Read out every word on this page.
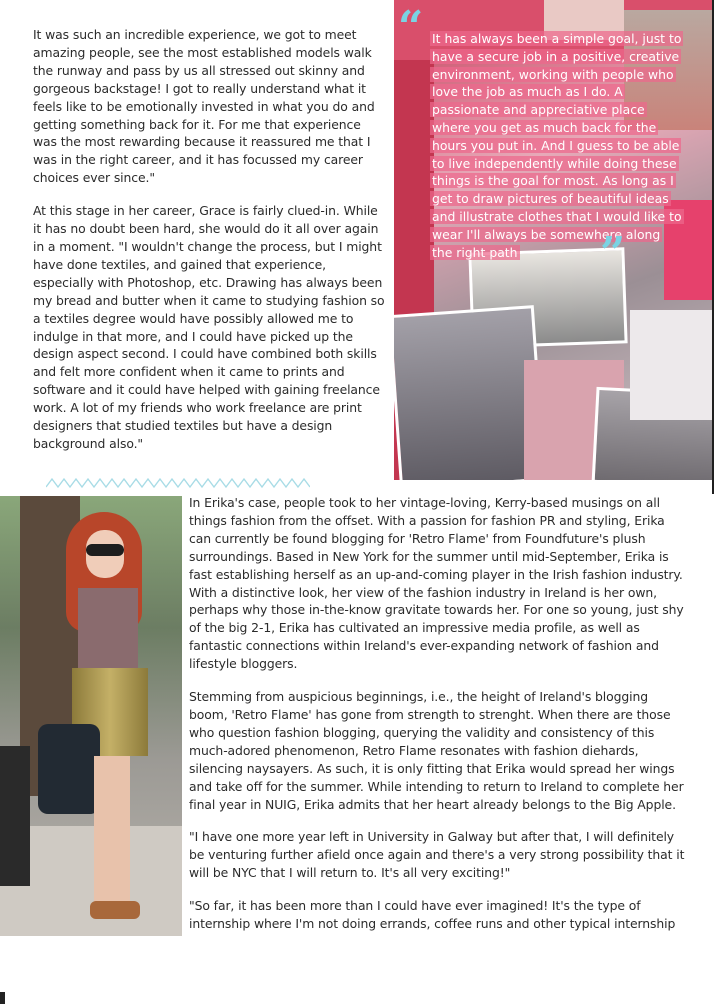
It was such an incredible experience, we got to meet amazing people, see the most established models walk the runway and pass by us all stressed out skinny and gorgeous backstage! I got to really understand what it feels like to be emotionally invested in what you do and getting something back for it. For me that experience was the most rewarding because it reassured me that I was in the right career, and it has focussed my career choices ever since."

At this stage in her career, Grace is fairly clued-in. While it has no doubt been hard, she would do it all over again in a moment. "I wouldn't change the process, but I might have done textiles, and gained that experience, especially with Photoshop, etc. Drawing has always been my bread and butter when it came to studying fashion so a textiles degree would have possibly allowed me to indulge in that more, and I could have picked up the design aspect second. I could have combined both skills and felt more confident when it came to prints and software and it could have helped with gaining freelance work. A lot of my friends who work freelance are print designers that studied textiles but have a design background also."

“ It has always been a simple goal, just to have a secure job in a positive, creative environment, working with people who love the job as much as I do. A passionate and appreciative place where you get as much back for the hours you put in. And I guess to be able to live independently while doing these things is the goal for most. As long as I get to draw pictures of beautiful ideas and illustrate clothes that I would like to wear I'll always be somewhere along the right path	”

In Erika's case, people took to her vintage-loving, Kerry-based musings on all things fashion from the offset. With a passion for fashion PR and styling, Erika can currently be found blogging for 'Retro Flame' from Foundfuture's plush surroundings. Based in New York for the summer until mid-September, Erika is fast establishing herself as an up-and-coming player in the Irish fashion industry. With a distinctive look, her view of the fashion industry in Ireland is her own, perhaps why those in-the-know gravitate towards her. For one so young, just shy of the big 2-1, Erika has cultivated an impressive media profile, as well as fantastic connections within Ireland's ever-expanding network of fashion and lifestyle bloggers.

Stemming from auspicious beginnings, i.e., the height of Ireland's blogging boom, 'Retro Flame' has gone from strength to strenght. When there are those who question fashion blogging, querying the validity and consistency of this much-adored phenomenon, Retro Flame resonates with fashion diehards, silencing naysayers. As such, it is only fitting that Erika would spread her wings and take off for the summer. While intending to return to Ireland to complete her final year in NUIG, Erika admits that her heart already belongs to the Big Apple.

"I have one more year left in University in Galway but after that, I will definitely be venturing further afield once again and there's a very strong possibility that it will be NYC that I will return to. It's all very exciting!"

"So far, it has been more than I could have ever imagined! It's the type of internship where I'm not doing errands, coffee runs and other typical internship
